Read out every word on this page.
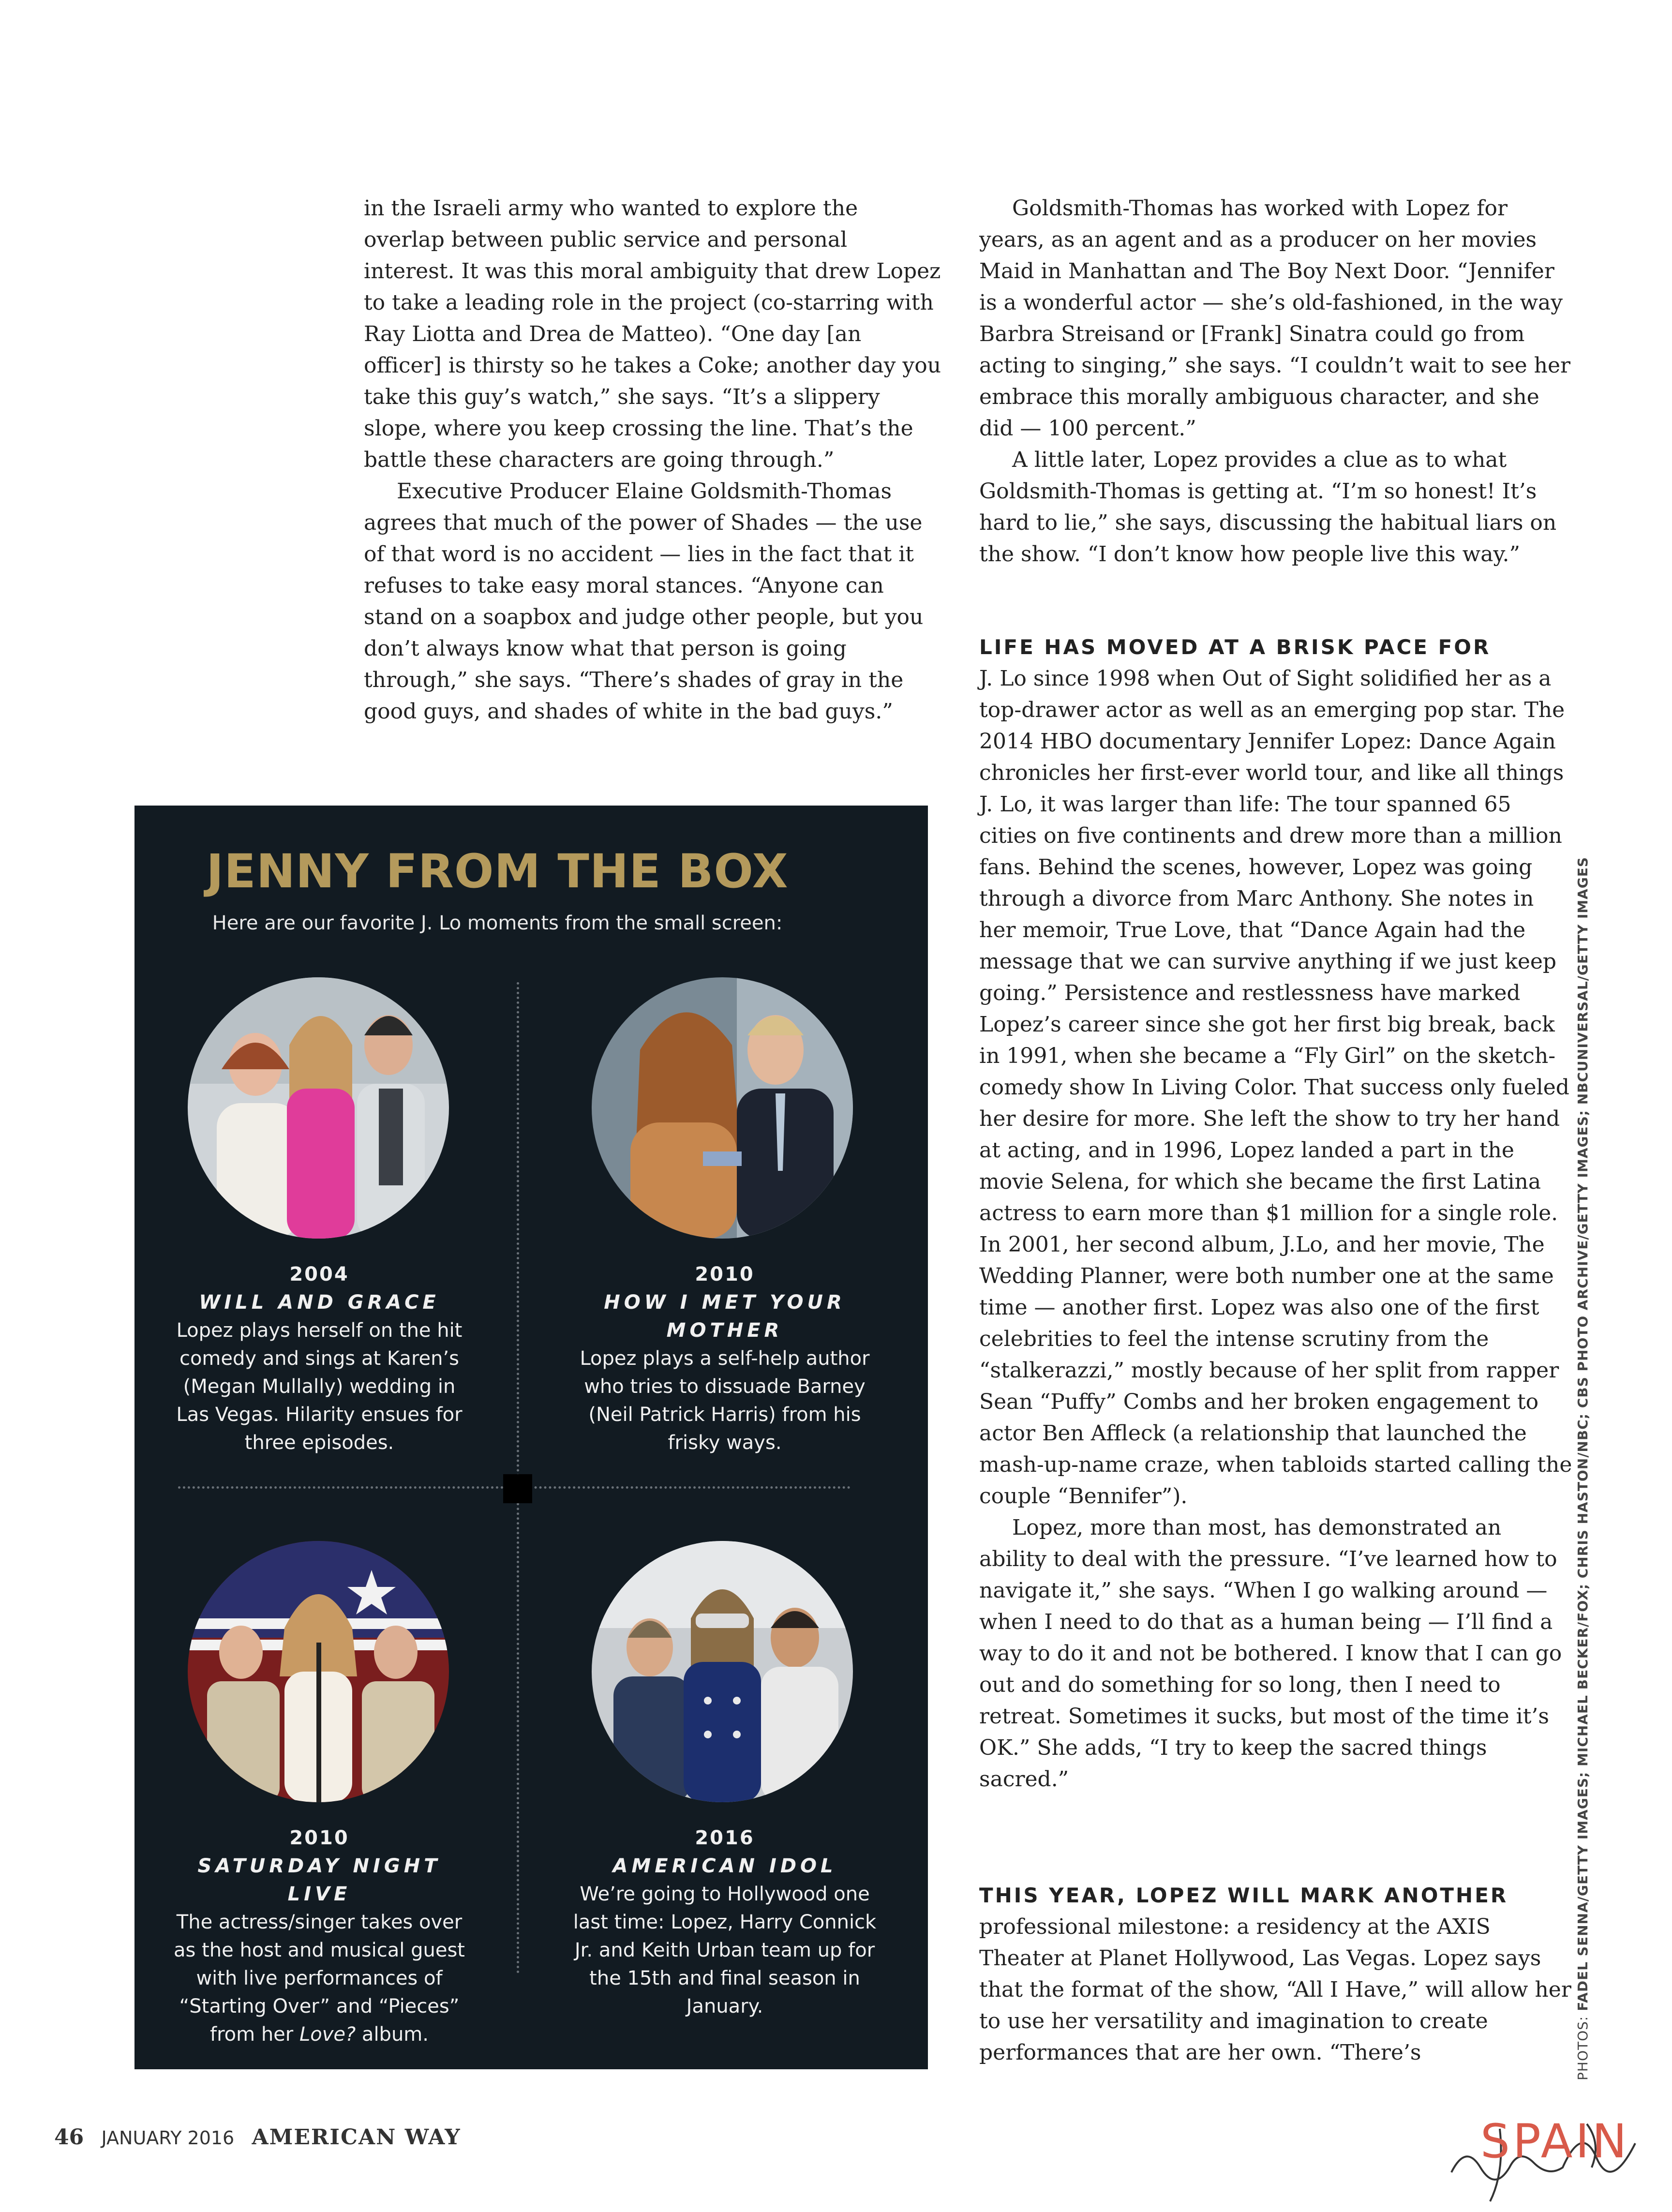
in the Israeli army who wanted to explore the overlap between public service and personal interest. It was this moral ambiguity that drew Lopez to take a leading role in the project (co-starring with Ray Liotta and Drea de Matteo). “One day [an officer] is thirsty so he takes a Coke; another day you take this guy’s watch,” she says. “It’s a slippery slope, where you keep crossing the line. That’s the battle these characters are going through.”

Executive Producer Elaine Goldsmith-Thomas agrees that much of the power of Shades — the use of that word is no accident — lies in the fact that it refuses to take easy moral stances. “Anyone can stand on a soapbox and judge other people, but you don’t always know what that person is going through,” she says. “There’s shades of gray in the good guys, and shades of white in the bad guys.”

Goldsmith-Thomas has worked with Lopez for years, as an agent and as a producer on her movies Maid in Manhattan and The Boy Next Door. “Jennifer is a wonderful actor — she’s old-fashioned, in the way Barbra Streisand or [Frank] Sinatra could go from acting to singing,” she says. “I couldn’t wait to see her embrace this morally ambiguous character, and she did — 100 percent.”

A little later, Lopez provides a clue as to what Goldsmith-Thomas is getting at. “I’m so honest! It’s hard to lie,” she says, discussing the habitual liars on the show. “I don’t know how people live this way.”

LIFE HAS MOVED AT A BRISK PACE FOR

J. Lo since 1998 when Out of Sight solidified her as a top-drawer actor as well as an emerging pop star. The 2014 HBO documentary Jennifer Lopez: Dance Again chronicles her first-ever world tour, and like all things J. Lo, it was larger than life: The tour spanned 65 cities on five continents and drew more than a million fans. Behind the scenes, however, Lopez was going through a divorce from Marc Anthony. She notes in her memoir, True Love, that “Dance Again had the message that we can survive anything if we just keep going.” Persistence and restlessness have marked Lopez’s career since she got her first big break, back in 1991, when she became a “Fly Girl” on the sketch-comedy show In Living Color. That success only fueled her desire for more. She left the show to try her hand at acting, and in 1996, Lopez landed a part in the movie Selena, for which she became the first Latina actress to earn more than $1 million for a single role. In 2001, her second album, J.Lo, and her movie, The Wedding Planner, were both number one at the same time — another first. Lopez was also one of the first celebrities to feel the intense scrutiny from the “stalkerazzi,” mostly because of her split from rapper Sean “Puffy” Combs and her broken engagement to actor Ben Affleck (a relationship that launched the mash-up-name craze, when tabloids started calling the couple “Bennifer”).

Lopez, more than most, has demonstrated an ability to deal with the pressure. “I’ve learned how to navigate it,” she says. “When I go walking around — when I need to do that as a human being — I’ll find a way to do it and not be bothered. I know that I can go out and do something for so long, then I need to retreat. Sometimes it sucks, but most of the time it’s OK.” She adds, “I try to keep the sacred things sacred.”

THIS YEAR, LOPEZ WILL MARK ANOTHER

professional milestone: a residency at the AXIS Theater at Planet Hollywood, Las Vegas. Lopez says that the format of the show, “All I Have,” will allow her to use her versatility and imagination to create performances that are her own. “There’s

JENNY FROM THE BOX
Here are our favorite J. Lo moments from the small screen:
2004
WILL AND GRACE
Lopez plays herself on the hit comedy and sings at Karen’s (Megan Mullally) wedding in Las Vegas. Hilarity ensues for three episodes.
2010
HOW I MET YOUR MOTHER
Lopez plays a self-help author who tries to dissuade Barney (Neil Patrick Harris) from his frisky ways.
2010
SATURDAY NIGHT LIVE
The actress/singer takes over as the host and musical guest with live performances of “Starting Over” and “Pieces” from her Love? album.
2016
AMERICAN IDOL
We’re going to Hollywood one last time: Lopez, Harry Connick Jr. and Keith Urban team up for the 15th and final season in January.
46 JANUARY 2016 AMERICAN WAY
PHOTOS: FADEL SENNA/GETTY IMAGES; MICHAEL BECKER/FOX; CHRIS HASTON/NBC; CBS PHOTO ARCHIVE/GETTY IMAGES; NBCUNIVERSAL/GETTY IMAGES
SPAIN
